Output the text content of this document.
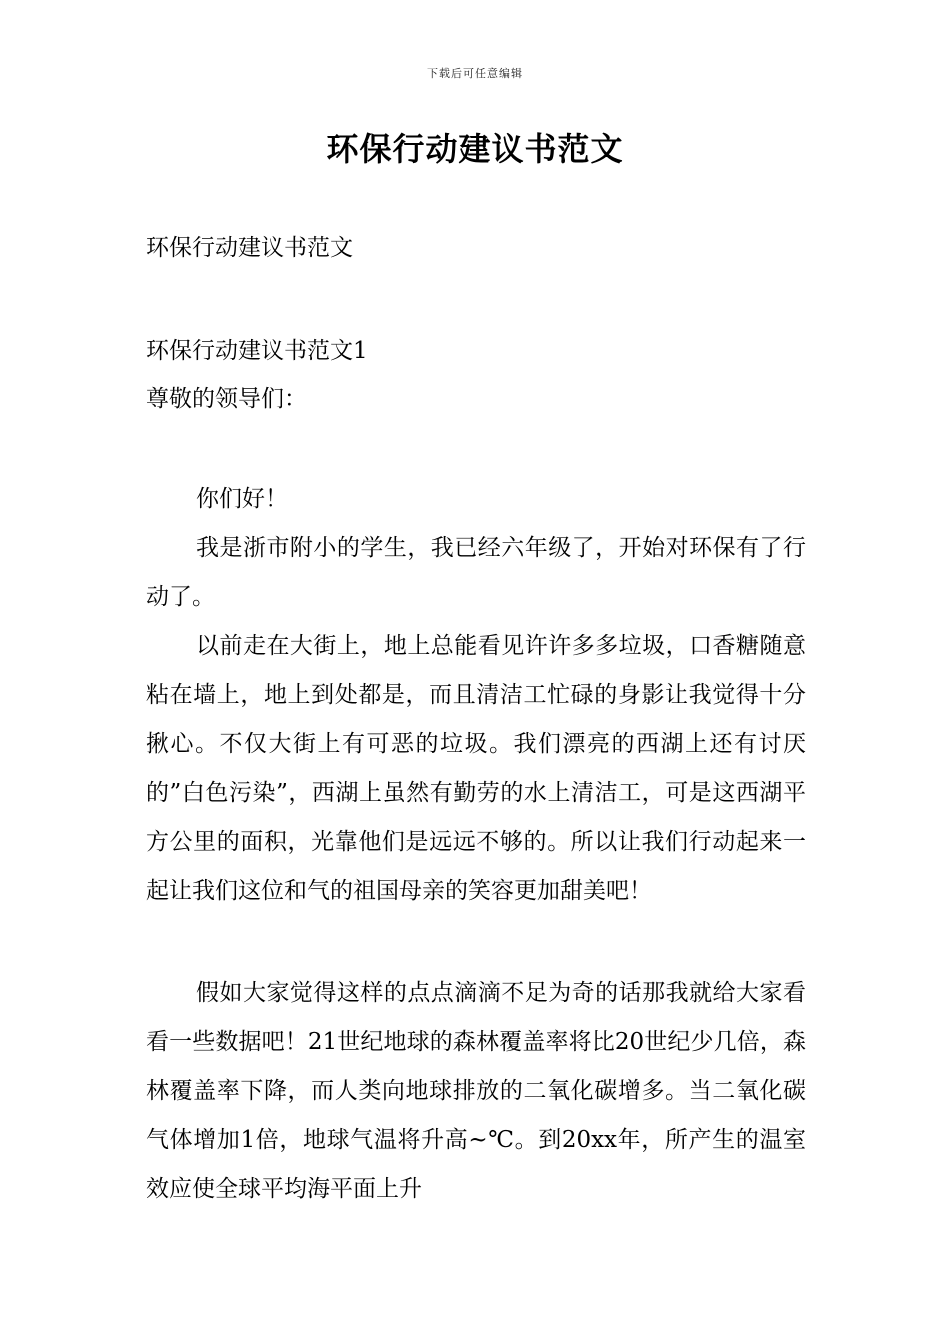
下载后可任意编辑
环保行动建议书范文

环保行动建议书范文

环保行动建议书范文1

尊敬的领导们：

你们好！

我是浙市附小的学生，我已经六年级了，开始对环保有了行动了。

以前走在大街上，地上总能看见许许多多垃圾，口香糖随意粘在墙上，地上到处都是，而且清洁工忙碌的身影让我觉得十分揪心。不仅大街上有可恶的垃圾。我们漂亮的西湖上还有讨厌的”白色污染”，西湖上虽然有勤劳的水上清洁工，可是这西湖平方公里的面积，光靠他们是远远不够的。所以让我们行动起来一起让我们这位和气的祖国母亲的笑容更加甜美吧！

假如大家觉得这样的点点滴滴不足为奇的话那我就给大家看看一些数据吧！21世纪地球的森林覆盖率将比20世纪少几倍，森林覆盖率下降，而人类向地球排放的二氧化碳增多。当二氧化碳气体增加1倍，地球气温将升高~℃。到20xx年，所产生的温室效应使全球平均海平面上升
